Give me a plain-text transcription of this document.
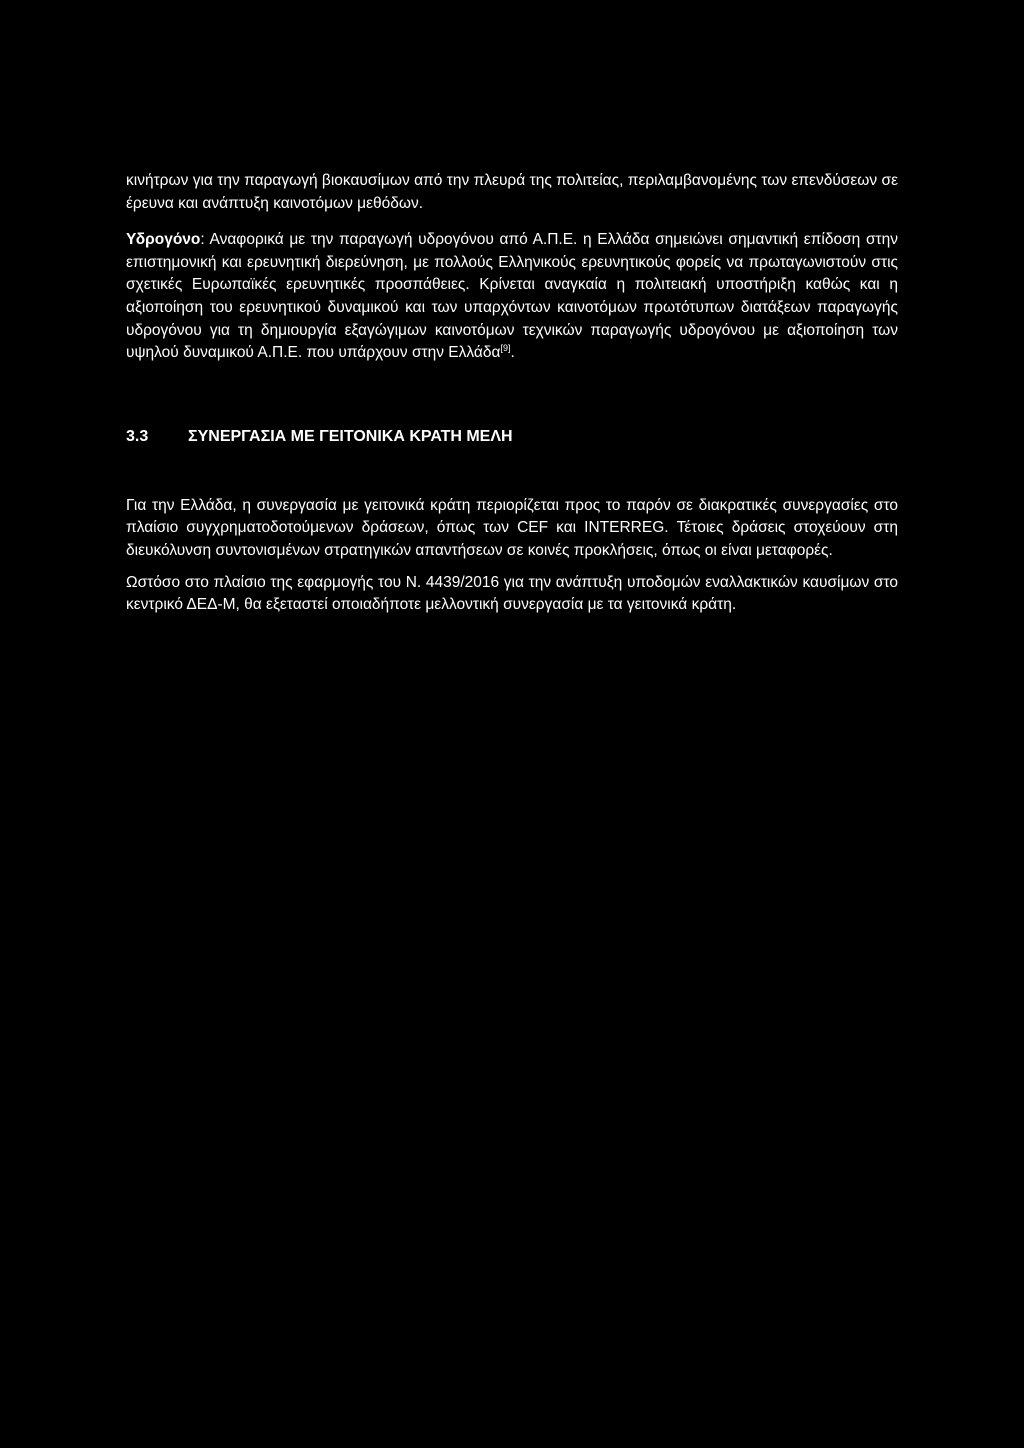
κινήτρων για την παραγωγή βιοκαυσίμων από την πλευρά της πολιτείας, περιλαμβανομένης των επενδύσεων σε έρευνα και ανάπτυξη καινοτόμων μεθόδων.

Υδρογόνο: Αναφορικά με την παραγωγή υδρογόνου από Α.Π.Ε. η Ελλάδα σημειώνει σημαντική επίδοση στην επιστημονική και ερευνητική διερεύνηση, με πολλούς Ελληνικούς ερευνητικούς φορείς να πρωταγωνιστούν στις σχετικές Ευρωπαϊκές ερευνητικές προσπάθειες. Κρίνεται αναγκαία η πολιτειακή υποστήριξη καθώς και η αξιοποίηση του ερευνητικού δυναμικού και των υπαρχόντων καινοτόμων πρωτότυπων διατάξεων παραγωγής υδρογόνου για τη δημιουργία εξαγώγιμων καινοτόμων τεχνικών παραγωγής υδρογόνου με αξιοποίηση των υψηλού δυναμικού Α.Π.Ε. που υπάρχουν στην Ελλάδα[9].

3.3	ΣΥΝΕΡΓΑΣΙΑ ΜΕ ΓΕΙΤΟΝΙΚΑ ΚΡΑΤΗ ΜΕΛΗ

Για την Ελλάδα, η συνεργασία με γειτονικά κράτη περιορίζεται προς το παρόν σε διακρατικές συνεργασίες στο πλαίσιο συγχρηματοδοτούμενων δράσεων, όπως των CEF και INTERREG. Τέτοιες δράσεις στοχεύουν στη διευκόλυνση συντονισμένων στρατηγικών απαντήσεων σε κοινές προκλήσεις, όπως οι είναι μεταφορές.

Ωστόσο στο πλαίσιο της εφαρμογής του Ν. 4439/2016 για την ανάπτυξη υποδομών εναλλακτικών καυσίμων στο κεντρικό ΔΕΔ-Μ, θα εξεταστεί οποιαδήποτε μελλοντική συνεργασία με τα γειτονικά κράτη.
